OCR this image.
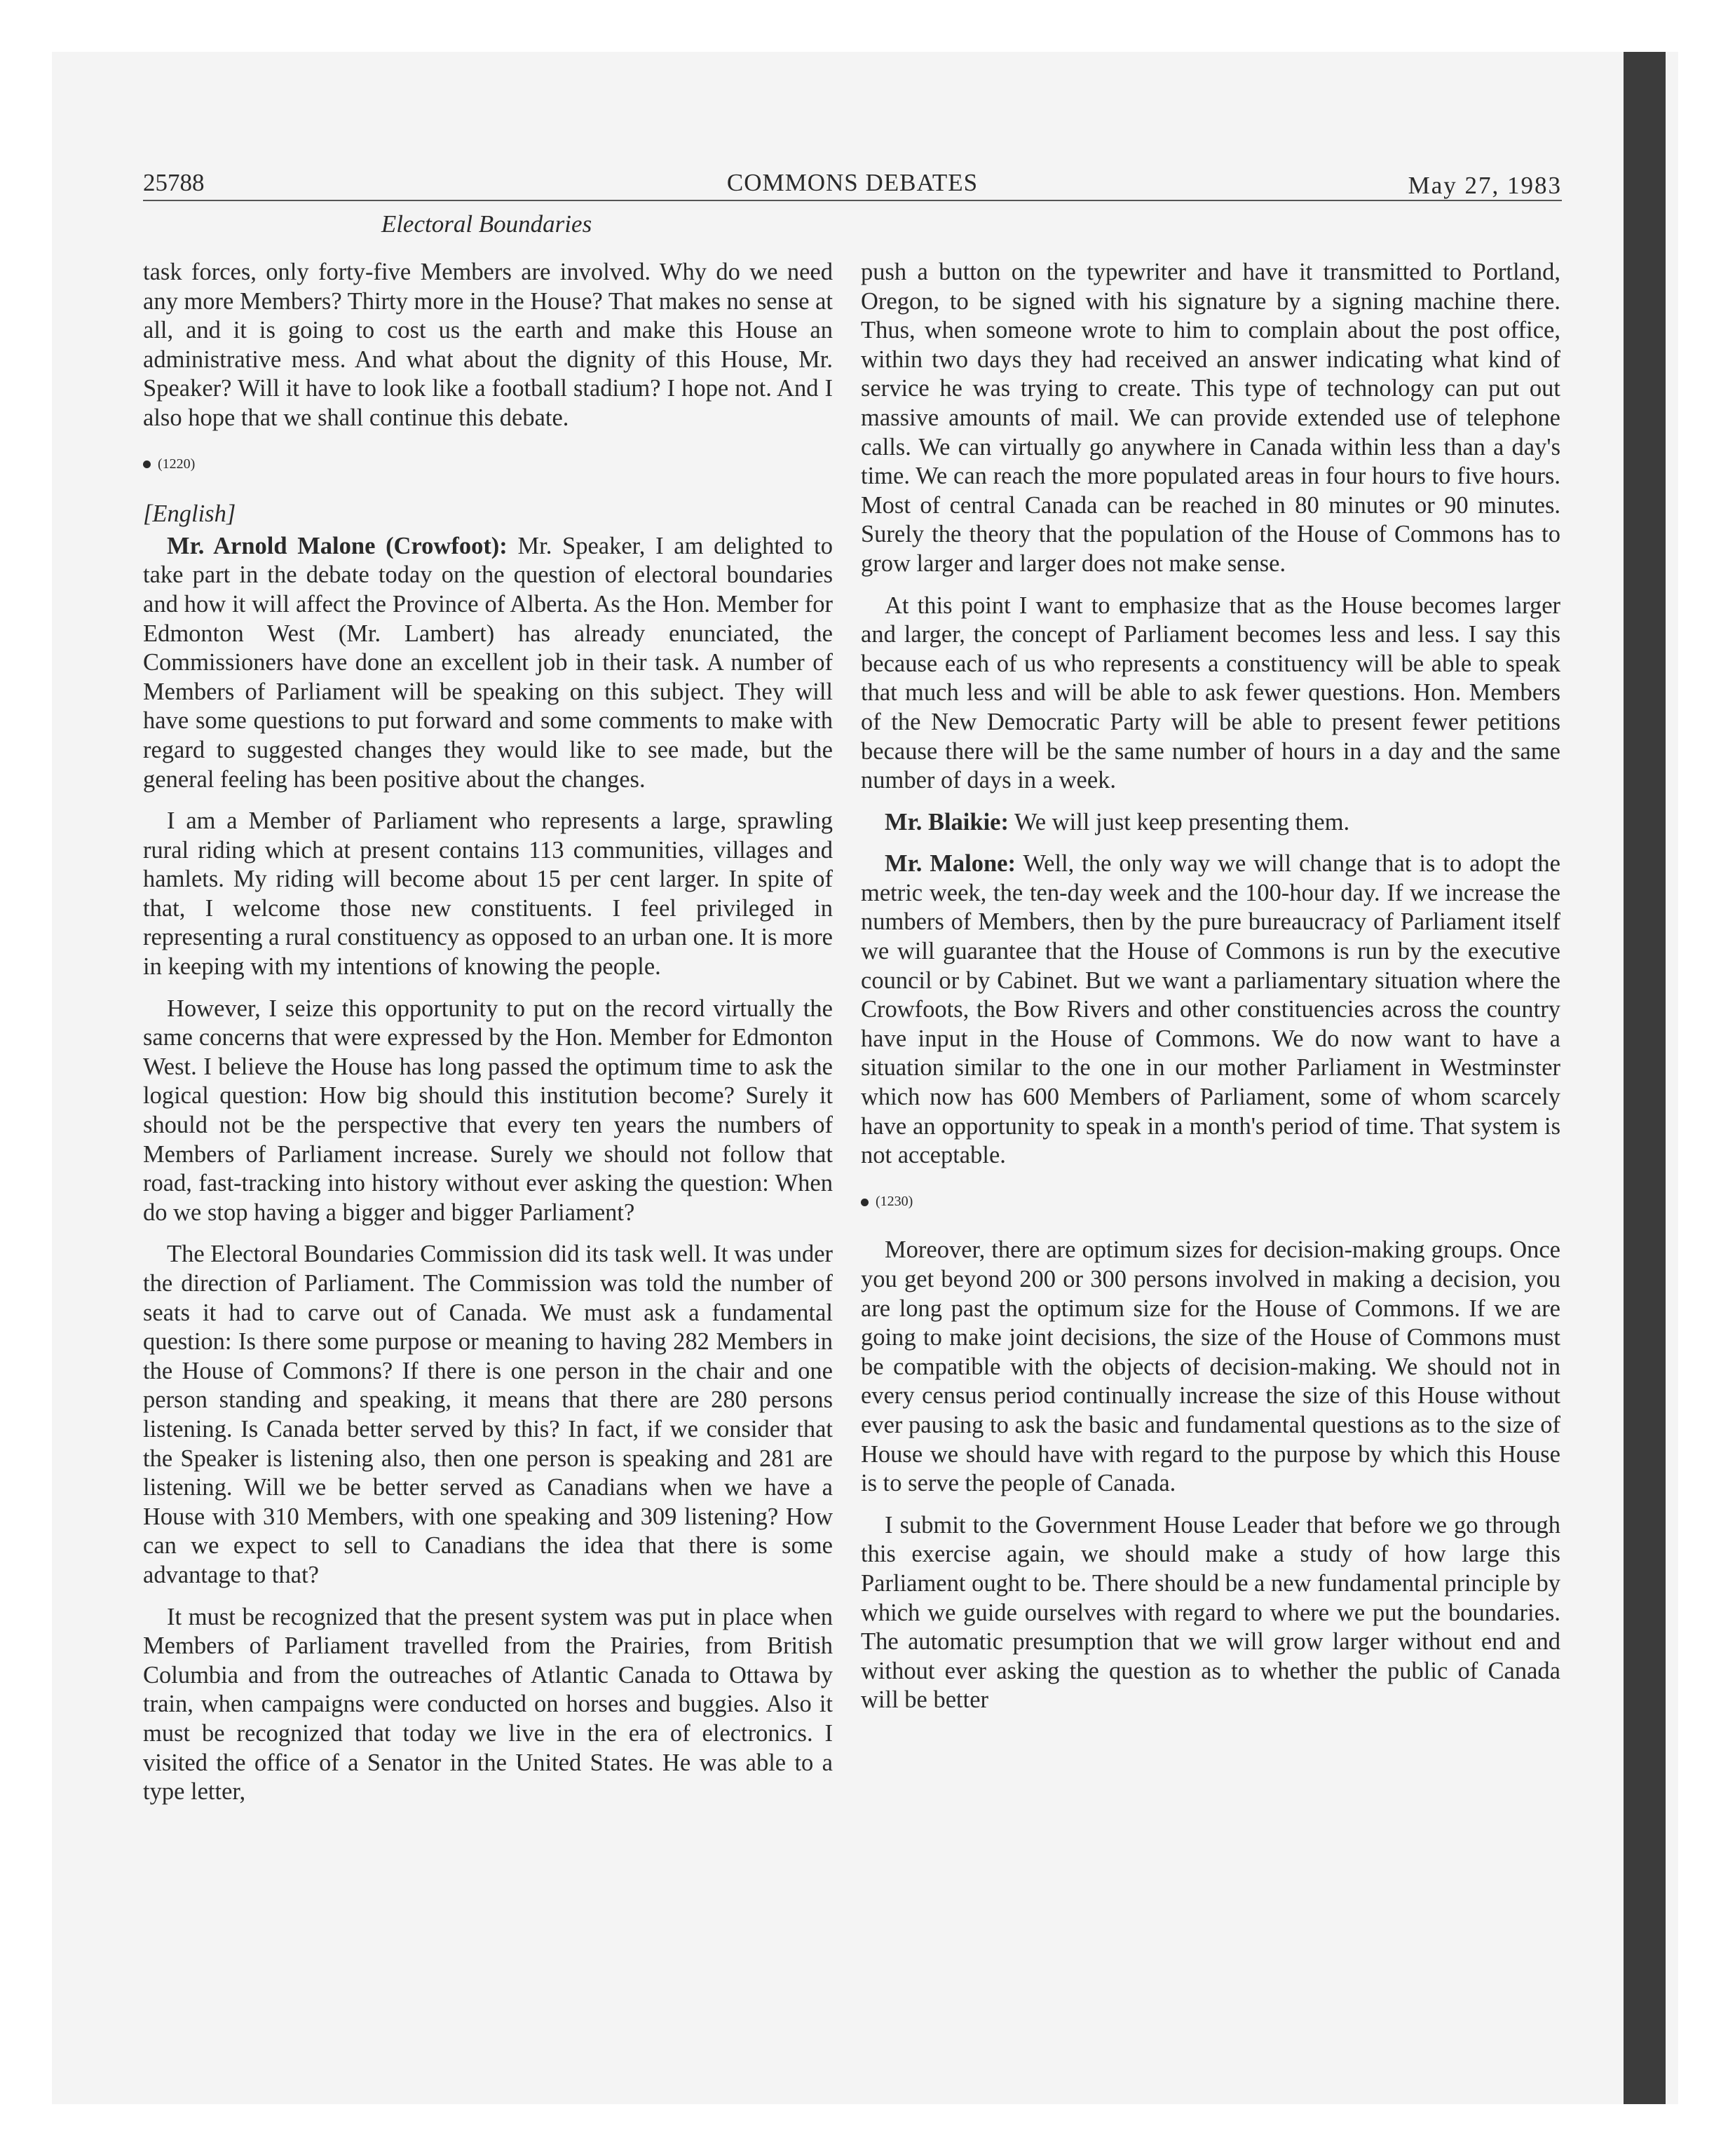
25788	COMMONS DEBATES	May 27, 1983
Electoral Boundaries

task forces, only forty-five Members are involved. Why do we need any more Members? Thirty more in the House? That makes no sense at all, and it is going to cost us the earth and make this House an administrative mess. And what about the dignity of this House, Mr. Speaker? Will it have to look like a football stadium? I hope not. And I also hope that we shall continue this debate.

(1220)
[English]

Mr. Arnold Malone (Crowfoot): Mr. Speaker, I am delighted to take part in the debate today on the question of electoral boundaries and how it will affect the Province of Alberta. As the Hon. Member for Edmonton West (Mr. Lambert) has already enunciated, the Commissioners have done an excellent job in their task. A number of Members of Parliament will be speaking on this subject. They will have some questions to put forward and some comments to make with regard to suggested changes they would like to see made, but the general feeling has been positive about the changes.

I am a Member of Parliament who represents a large, sprawling rural riding which at present contains 113 communities, villages and hamlets. My riding will become about 15 per cent larger. In spite of that, I welcome those new constituents. I feel privileged in representing a rural constituency as opposed to an urban one. It is more in keeping with my intentions of knowing the people.

However, I seize this opportunity to put on the record virtually the same concerns that were expressed by the Hon. Member for Edmonton West. I believe the House has long passed the optimum time to ask the logical question: How big should this institution become? Surely it should not be the perspective that every ten years the numbers of Members of Parliament increase. Surely we should not follow that road, fast-tracking into history without ever asking the question: When do we stop having a bigger and bigger Parliament?

The Electoral Boundaries Commission did its task well. It was under the direction of Parliament. The Commission was told the number of seats it had to carve out of Canada. We must ask a fundamental question: Is there some purpose or meaning to having 282 Members in the House of Commons? If there is one person in the chair and one person standing and speaking, it means that there are 280 persons listening. Is Canada better served by this? In fact, if we consider that the Speaker is listening also, then one person is speaking and 281 are listening. Will we be better served as Canadians when we have a House with 310 Members, with one speaking and 309 listening? How can we expect to sell to Canadians the idea that there is some advantage to that?

It must be recognized that the present system was put in place when Members of Parliament travelled from the Prairies, from British Columbia and from the outreaches of Atlantic Canada to Ottawa by train, when campaigns were conducted on horses and buggies. Also it must be recognized that today we live in the era of electronics. I visited the office of a Senator in the United States. He was able to a type letter,

push a button on the typewriter and have it transmitted to Portland, Oregon, to be signed with his signature by a signing machine there. Thus, when someone wrote to him to complain about the post office, within two days they had received an answer indicating what kind of service he was trying to create. This type of technology can put out massive amounts of mail. We can provide extended use of telephone calls. We can virtually go anywhere in Canada within less than a day's time. We can reach the more populated areas in four hours to five hours. Most of central Canada can be reached in 80 minutes or 90 minutes. Surely the theory that the population of the House of Commons has to grow larger and larger does not make sense.

At this point I want to emphasize that as the House becomes larger and larger, the concept of Parliament becomes less and less. I say this because each of us who represents a constituency will be able to speak that much less and will be able to ask fewer questions. Hon. Members of the New Democratic Party will be able to present fewer petitions because there will be the same number of hours in a day and the same number of days in a week.

Mr. Blaikie: We will just keep presenting them.

Mr. Malone: Well, the only way we will change that is to adopt the metric week, the ten-day week and the 100-hour day. If we increase the numbers of Members, then by the pure bureaucracy of Parliament itself we will guarantee that the House of Commons is run by the executive council or by Cabinet. But we want a parliamentary situation where the Crowfoots, the Bow Rivers and other constituencies across the country have input in the House of Commons. We do now want to have a situation similar to the one in our mother Parliament in Westminster which now has 600 Members of Parliament, some of whom scarcely have an opportunity to speak in a month's period of time. That system is not acceptable.

(1230)

Moreover, there are optimum sizes for decision-making groups. Once you get beyond 200 or 300 persons involved in making a decision, you are long past the optimum size for the House of Commons. If we are going to make joint decisions, the size of the House of Commons must be compatible with the objects of decision-making. We should not in every census period continually increase the size of this House without ever pausing to ask the basic and fundamental questions as to the size of House we should have with regard to the purpose by which this House is to serve the people of Canada.

I submit to the Government House Leader that before we go through this exercise again, we should make a study of how large this Parliament ought to be. There should be a new fundamental principle by which we guide ourselves with regard to where we put the boundaries. The automatic presumption that we will grow larger without end and without ever asking the question as to whether the public of Canada will be better
